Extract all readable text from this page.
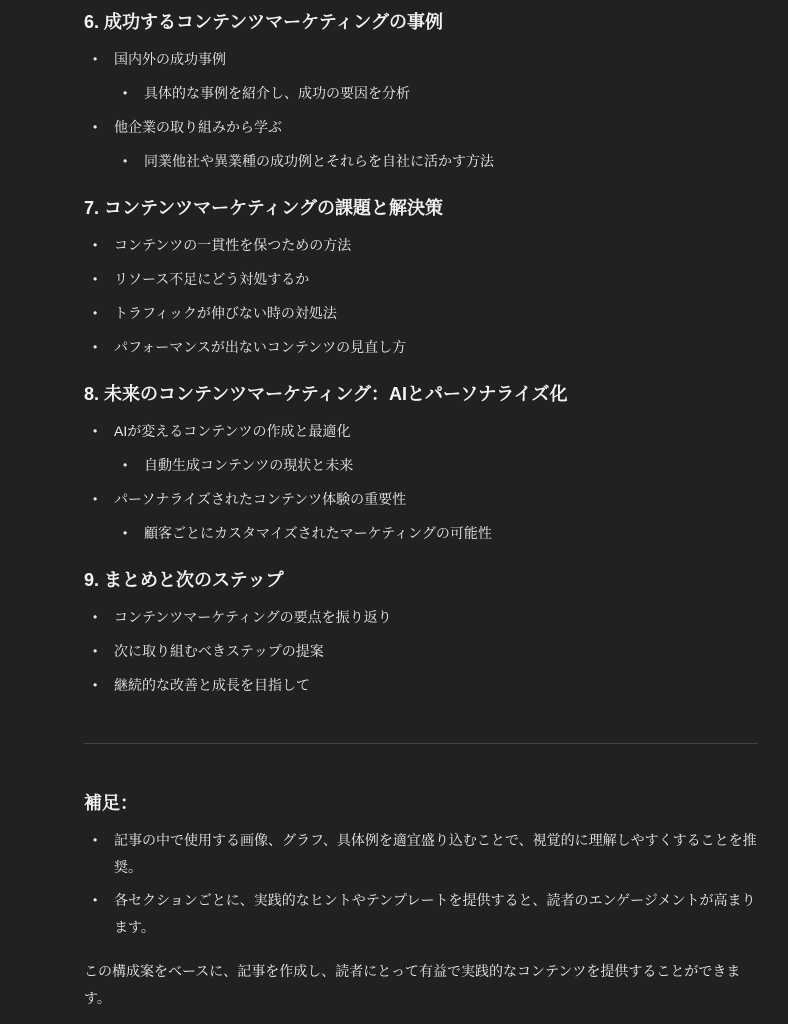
6. 成功するコンテンツマーケティングの事例
• 国内外の成功事例
• 具体的な事例を紹介し、成功の要因を分析
• 他企業の取り組みから学ぶ
• 同業他社や異業種の成功例とそれらを自社に活かす方法
7. コンテンツマーケティングの課題と解決策
• コンテンツの一貫性を保つための方法
• リソース不足にどう対処するか
• トラフィックが伸びない時の対処法
• パフォーマンスが出ないコンテンツの見直し方
8. 未来のコンテンツマーケティング：AIとパーソナライズ化
• AIが変えるコンテンツの作成と最適化
• 自動生成コンテンツの現状と未来
• パーソナライズされたコンテンツ体験の重要性
• 顧客ごとにカスタマイズされたマーケティングの可能性
9. まとめと次のステップ
• コンテンツマーケティングの要点を振り返り
• 次に取り組むべきステップの提案
• 継続的な改善と成長を目指して
補足：
• 記事の中で使用する画像、グラフ、具体例を適宜盛り込むことで、視覚的に理解しやすくすることを推奨。
• 各セクションごとに、実践的なヒントやテンプレートを提供すると、読者のエンゲージメントが高まります。

この構成案をベースに、記事を作成し、読者にとって有益で実践的なコンテンツを提供することができます。
